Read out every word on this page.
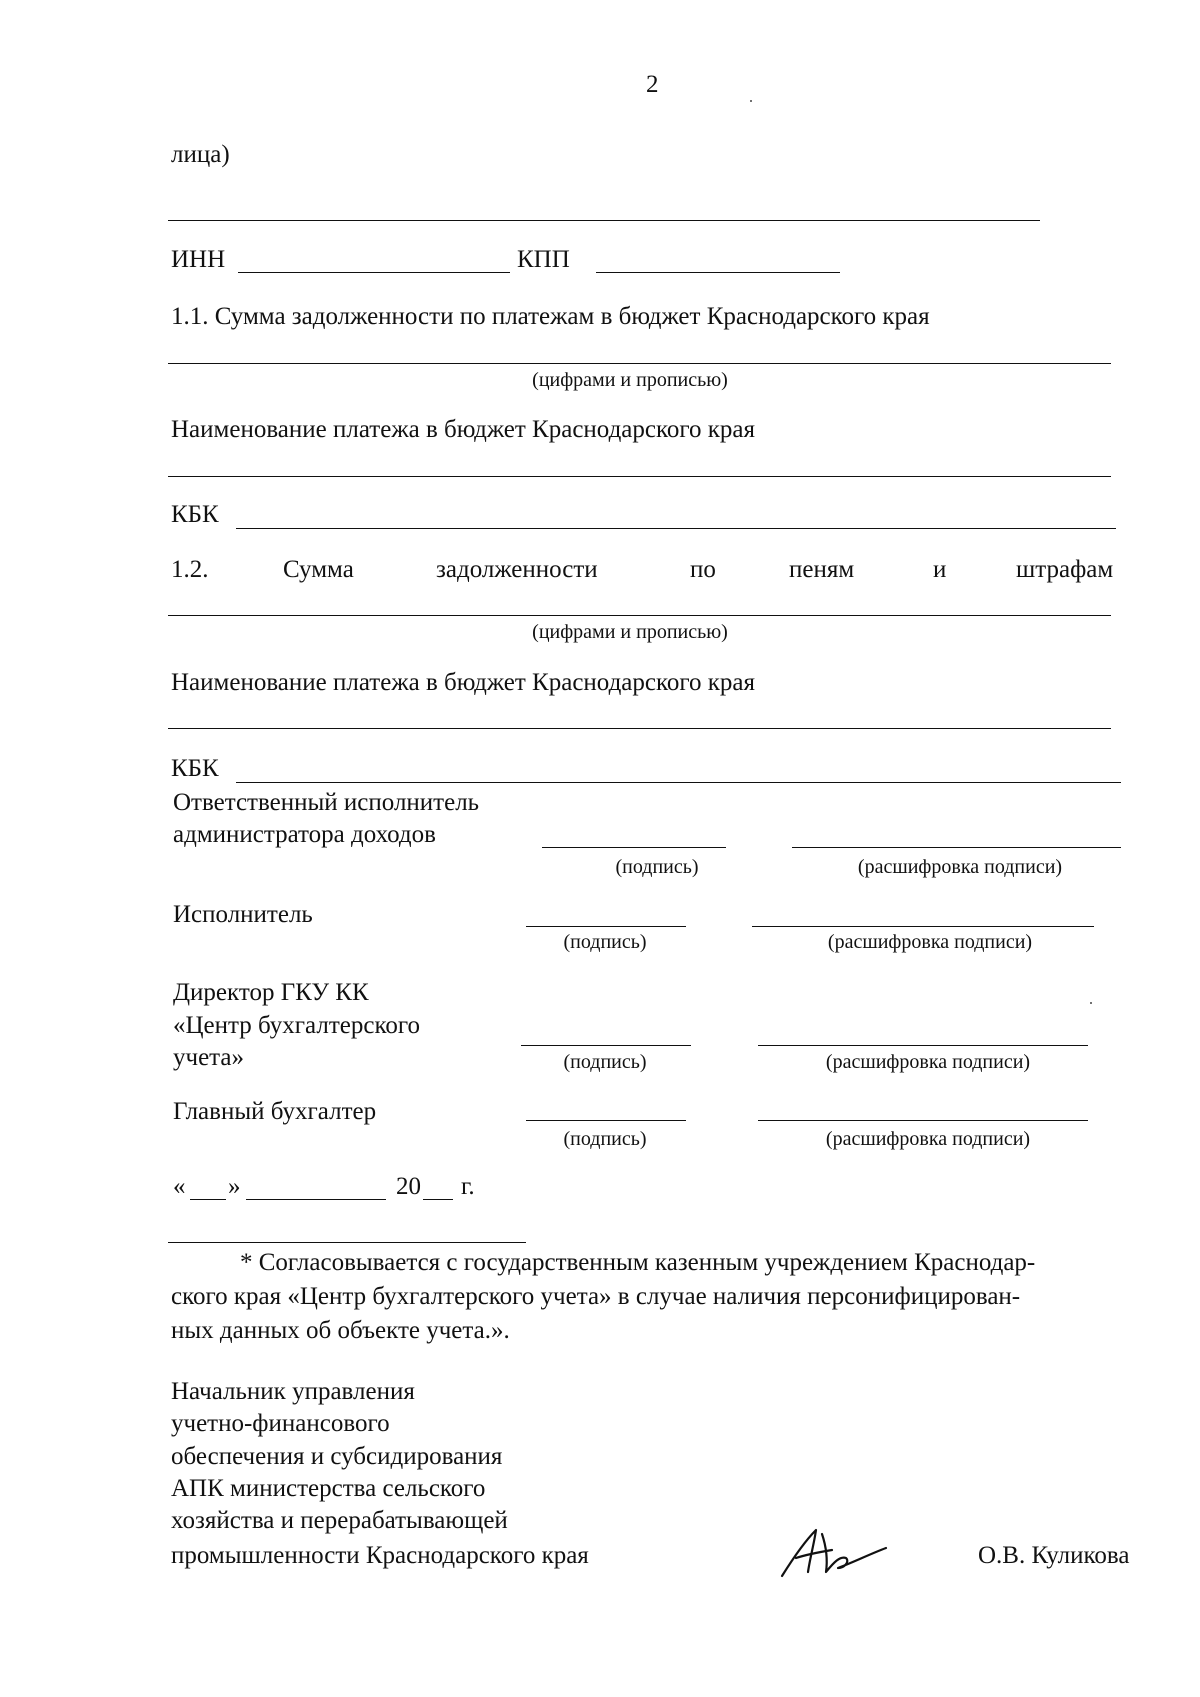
2
лица)
ИНН	КПП
1.1. Сумма задолженности по платежам в бюджет Краснодарского края
(цифрами и прописью)
Наименование платежа в бюджет Краснодарского края
КБК
1.2.	Сумма	задолженности	по	пеням	и	штрафам
(цифрами и прописью)
Наименование платежа в бюджет Краснодарского края
КБК
Ответственный исполнитель
администратора доходов
(подпись)	(расшифровка подписи)
Исполнитель
(подпись)	(расшифровка подписи)
Директор ГКУ КК
«Центр бухгалтерского
учета»	(подпись)	(расшифровка подписи)
Главный бухгалтер
(подпись)	(расшифровка подписи)
« »	20 г.
* Согласовывается с государственным казенным учреждением Краснодар-
ского края «Центр бухгалтерского учета» в случае наличия персонифицирован-
ных данных об объекте учета.».
Начальник управления
учетно-финансового
обеспечения и субсидирования
АПК министерства сельского
хозяйства и перерабатывающей
промышленности Краснодарского края	О.В. Куликова
